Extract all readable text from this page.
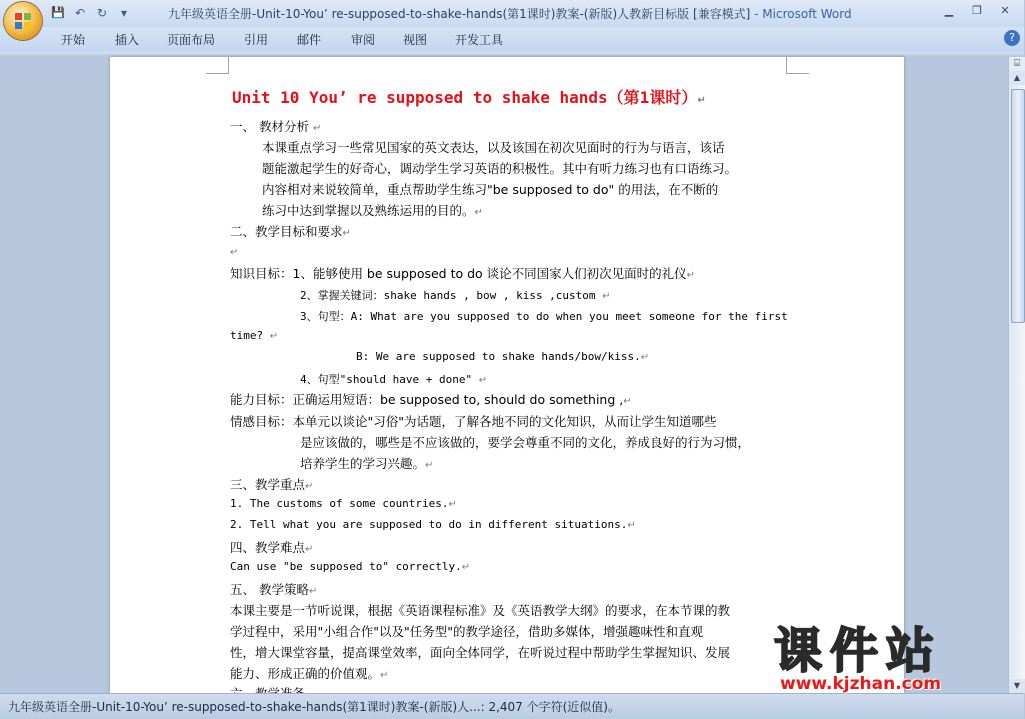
💾 ↶ ↻	▾	九年级英语全册-Unit-10-You’ re-supposed-to-shake-hands(第1课时)教案-(新版)人教新目标版 [兼容模式] - Microsoft Word	▁	❐	✕
开始 插入 页面布局 引用 邮件 审阅 视图 开发工具	?
Unit 10 You’ re supposed to shake hands（第1课时）↵
一、 教材分析 ↵
本课重点学习一些常见国家的英文表达，以及该国在初次见面时的行为与语言，该话
题能激起学生的好奇心，调动学生学习英语的积极性。其中有听力练习也有口语练习。
内容相对来说较简单，重点帮助学生练习"be supposed to do" 的用法，在不断的
练习中达到掌握以及熟练运用的目的。↵
二、教学目标和要求↵
↵
知识目标：1、能够使用 be supposed to do 谈论不同国家人们初次见面时的礼仪↵
2、掌握关键词：shake hands , bow , kiss ,custom ↵
3、句型：A: What are you supposed to do when you meet someone for the first
time? ↵
B: We are supposed to shake hands/bow/kiss.↵
4、句型"should have + done" ↵
能力目标：正确运用短语：be supposed to, should do something ,↵
情感目标：本单元以谈论"习俗"为话题，了解各地不同的文化知识，从而让学生知道哪些
是应该做的，哪些是不应该做的，要学会尊重不同的文化，养成良好的行为习惯，
培养学生的学习兴趣。↵
三、教学重点↵
1. The customs of some countries.↵
2. Tell what you are supposed to do in different situations.↵
四、教学难点↵
Can use "be supposed to" correctly.↵
五、 教学策略↵
本课主要是一节听说课，根据《英语课程标准》及《英语教学大纲》的要求，在本节课的教
学过程中，采用"小组合作"以及"任务型"的教学途径，借助多媒体，增强趣味性和直观
性，增大课堂容量，提高课堂效率，面向全体同学，在听说过程中帮助学生掌握知识、发展
能力、形成正确的价值观。↵
⌸
▲
▼
九年级英语全册-Unit-10-You’ re-supposed-to-shake-hands(第1课时)教案-(新版)人...: 2,407 个字符(近似值)。
课件站
www.kjzhan.com
